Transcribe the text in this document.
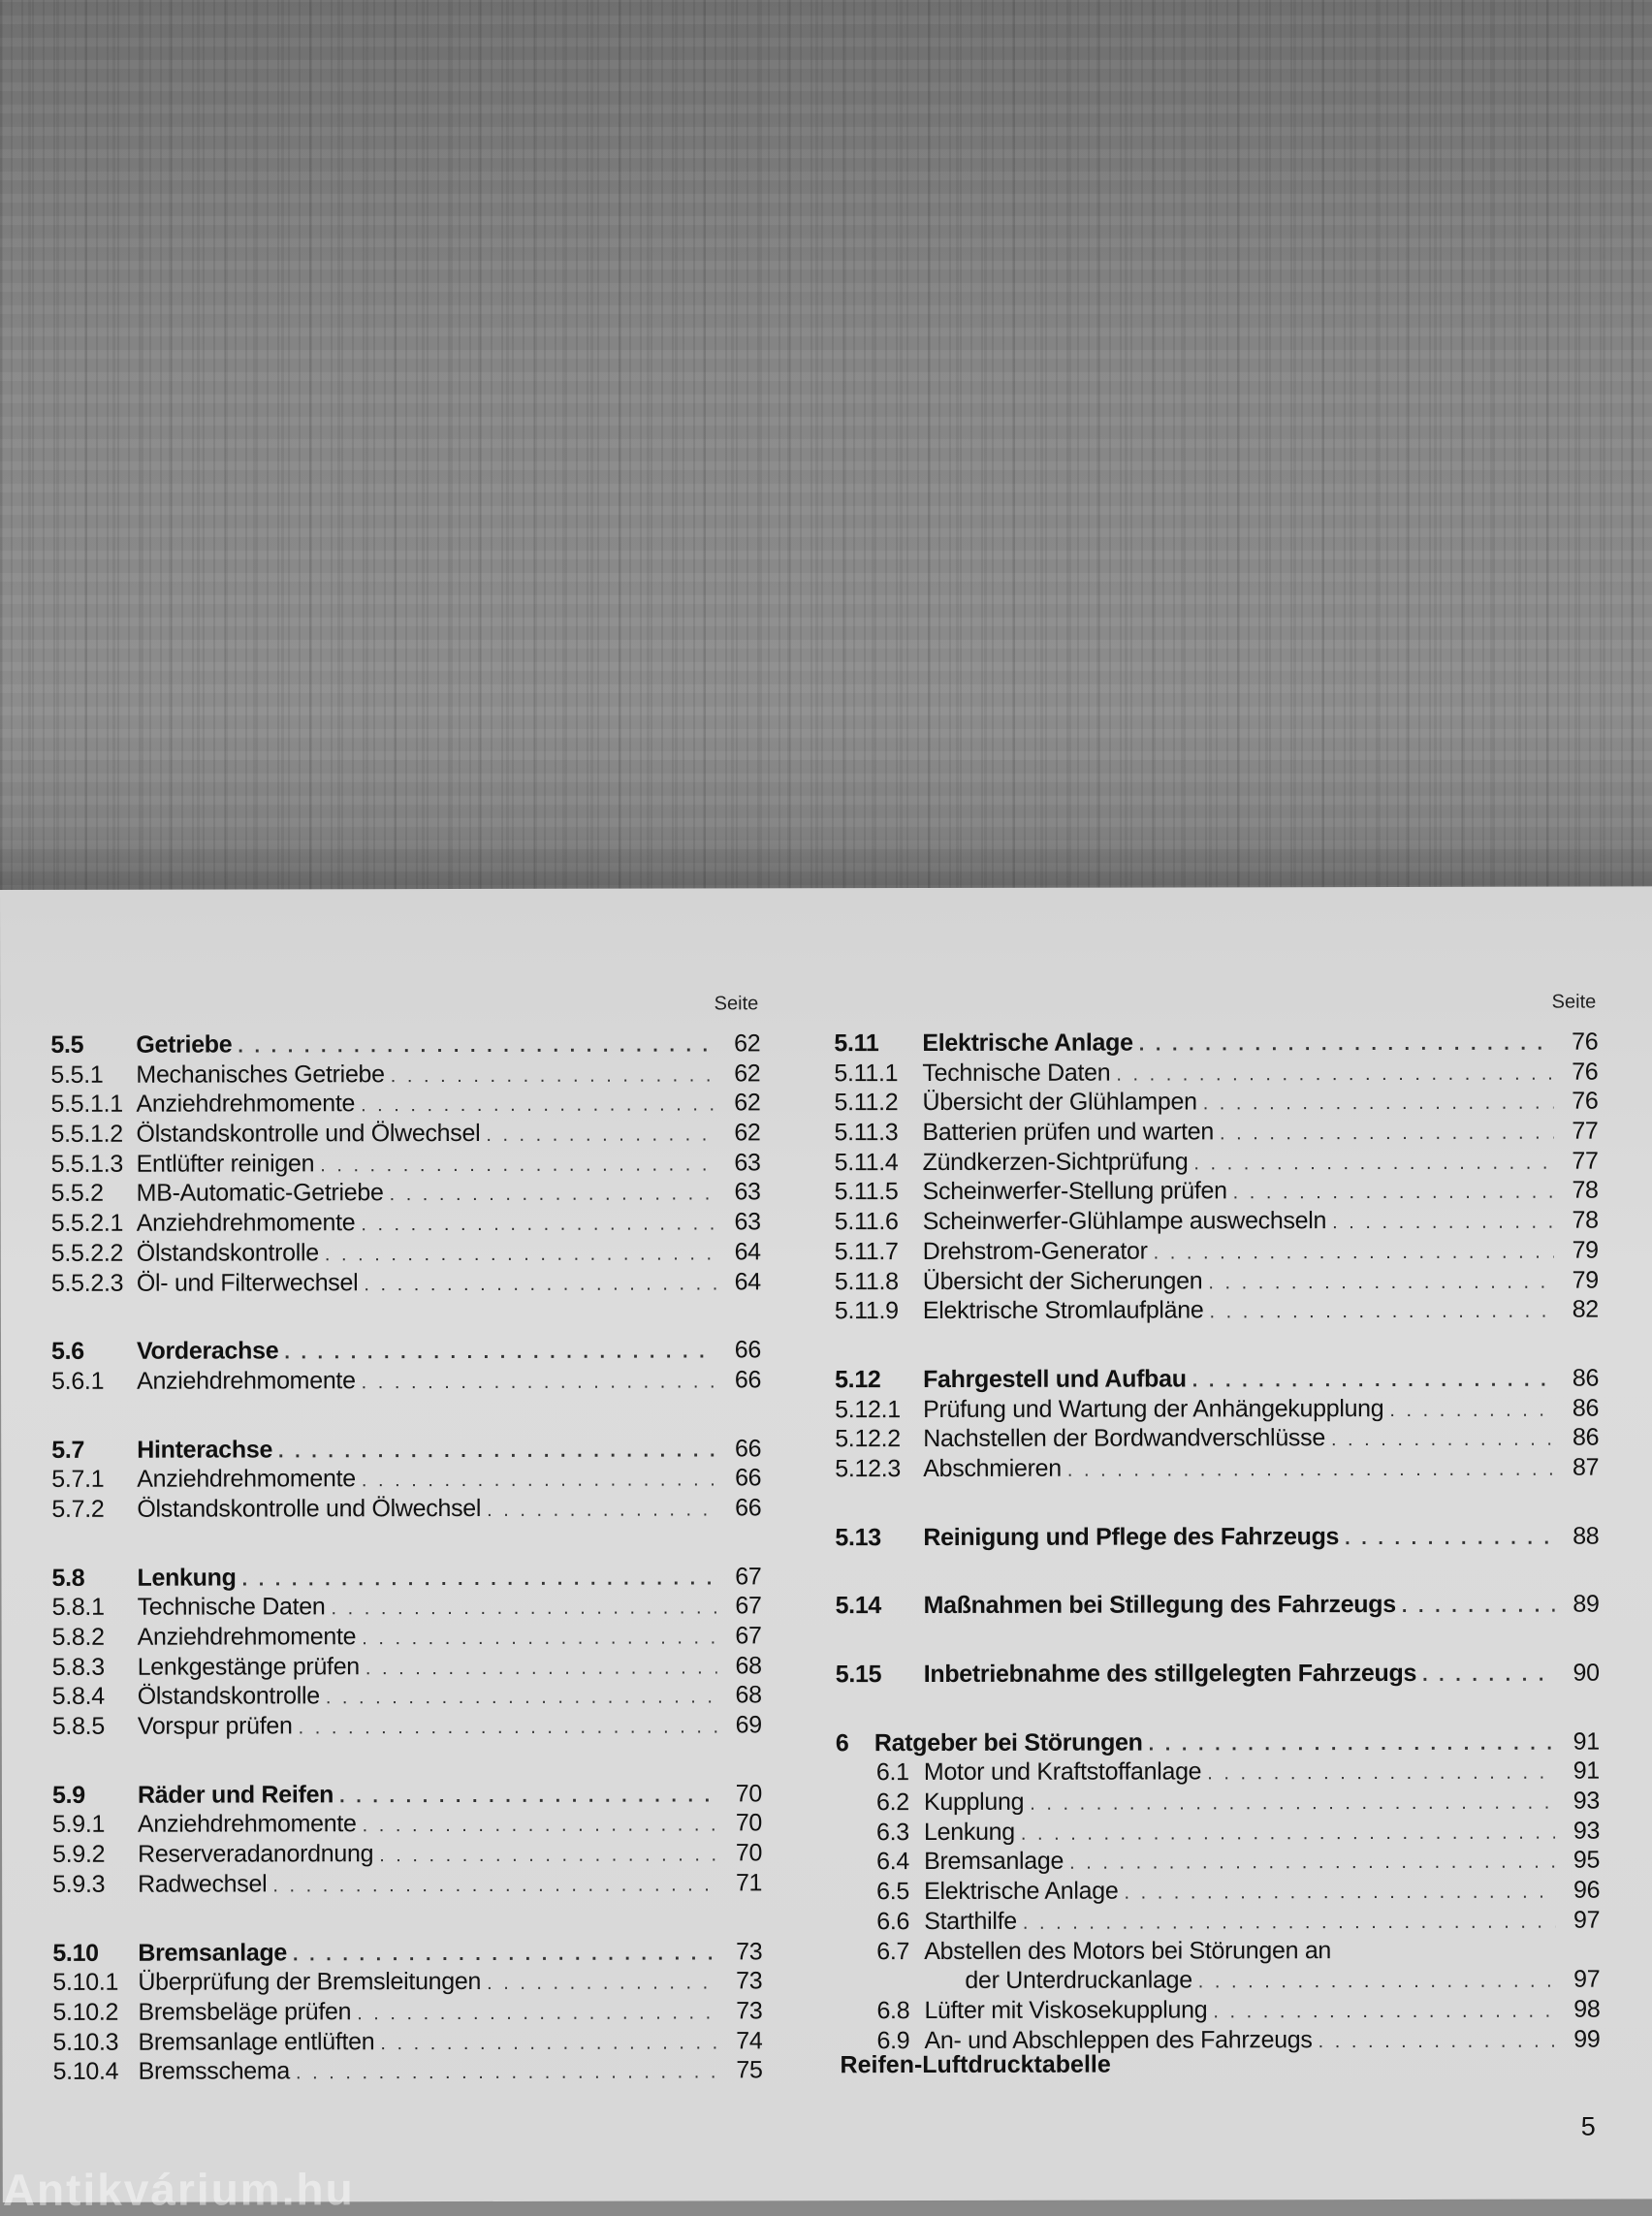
Seite
5.5	Getriebe . . .	62
5.5.1	Mechanisches Getriebe . . .	62
5.5.1.1 Anziehdrehmomente . . .	62
5.5.1.2 Ölstandskontrolle und Ölwechsel . . .	62
5.5.1.3 Entlüfter reinigen . . .	63
5.5.2	MB-Automatic-Getriebe . . .	63
5.5.2.1 Anziehdrehmomente . . .	63
5.5.2.2 Ölstandskontrolle . . .	64
5.5.2.3 Öl- und Filterwechsel . . .	64
5.6	Vorderachse . . .	66
5.6.1	Anziehdrehmomente . . .	66
5.7	Hinterachse . . .	66
5.7.1	Anziehdrehmomente . . .	66
5.7.2	Ölstandskontrolle und Ölwechsel . . .	66
5.8	Lenkung . . .	67
5.8.1	Technische Daten . . .	67
5.8.2	Anziehdrehmomente . . .	67
5.8.3	Lenkgestänge prüfen . . .	68
5.8.4	Ölstandskontrolle . . .	68
5.8.5	Vorspur prüfen . . .	69
5.9	Räder und Reifen . . .	70
5.9.1	Anziehdrehmomente . . .	70
5.9.2	Reserveradanordnung . . .	70
5.9.3	Radwechsel . . .	71
5.10	Bremsanlage . . .	73
5.10.1 Überprüfung der Bremsleitungen . . .	73
5.10.2 Bremsbeläge prüfen . . .	73
5.10.3 Bremsanlage entlüften . . .	74
5.10.4 Bremsschema . . .	75
Seite
5.11	Elektrische Anlage . . .	76
5.11.1	Technische Daten . . .	76
5.11.2	Übersicht der Glühlampen . . .	76
5.11.3	Batterien prüfen und warten . . .	77
5.11.4	Zündkerzen-Sichtprüfung . . .	77
5.11.5	Scheinwerfer-Stellung prüfen . . .	78
5.11.6	Scheinwerfer-Glühlampe auswechseln . . .	78
5.11.7	Drehstrom-Generator . . .	79
5.11.8	Übersicht der Sicherungen . . .	79
5.11.9	Elektrische Stromlaufpläne . . .	82
5.12	Fahrgestell und Aufbau . . .	86
5.12.1 Prüfung und Wartung der Anhängekupplung . . .	86
5.12.2 Nachstellen der Bordwandverschlüsse . . .	86
5.12.3 Abschmieren . . .	87
5.13	Reinigung und Pflege des Fahrzeugs . . .	88
5.14	Maßnahmen bei Stillegung des Fahrzeugs . . .	89
5.15	Inbetriebnahme des stillgelegten Fahrzeugs . . .	90
6	Ratgeber bei Störungen . . .	91
6.1 Motor und Kraftstoffanlage . . .	91
6.2 Kupplung . . .	93
6.3 Lenkung . . .	93
6.4 Bremsanlage . . .	95
6.5 Elektrische Anlage . . .	96
6.6 Starthilfe . . .	97
6.7 Abstellen des Motors bei Störungen an
der Unterdruckanlage . . .	97
6.8 Lüfter mit Viskosekupplung . . .	98
6.9 An- und Abschleppen des Fahrzeugs . . .	99
Reifen-Luftdrucktabelle
5
Antikvárium.hu
